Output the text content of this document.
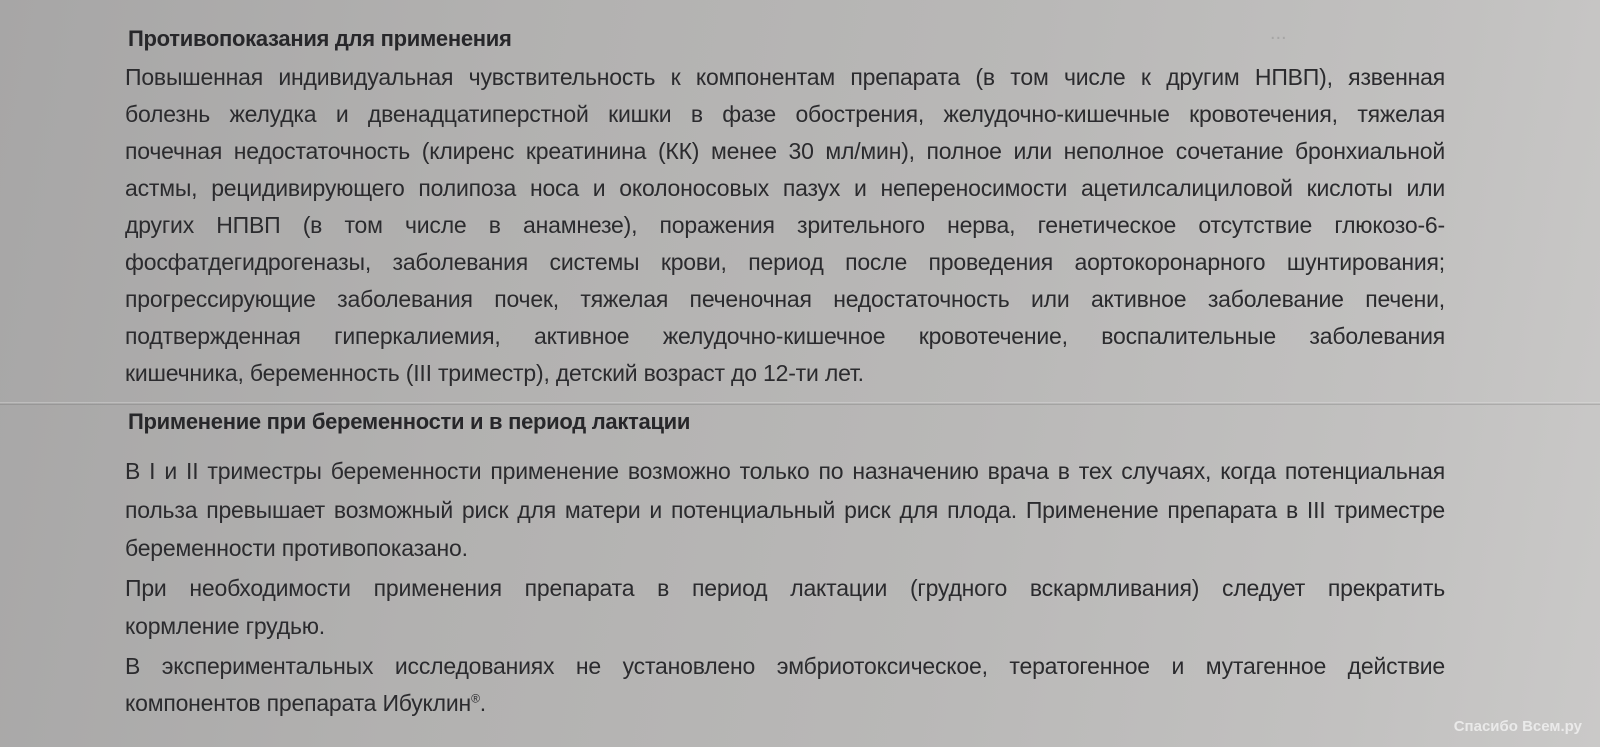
...
Противопоказания для применения
Повышенная индивидуальная чувствительность к компонентам препарата (в том числе к другим НПВП), язвенная
болезнь желудка и двенадцатиперстной кишки в фазе обострения, желудочно-кишечные кровотечения, тяжелая
почечная недостаточность (клиренс креатинина (КК) менее 30 мл/мин), полное или неполное сочетание бронхиальной
астмы, рецидивирующего полипоза носа и околоносовых пазух и непереносимости ацетилсалициловой кислоты или
других НПВП (в том числе в анамнезе), поражения зрительного нерва, генетическое отсутствие глюкозо-6-
фосфатдегидрогеназы, заболевания системы крови, период после проведения аортокоронарного шунтирования;
прогрессирующие заболевания почек, тяжелая печеночная недостаточность или активное заболевание печени,
подтвержденная гиперкалиемия, активное желудочно-кишечное кровотечение, воспалительные заболевания
кишечника, беременность (III триместр), детский возраст до 12-ти лет.
Применение при беременности и в период лактации
В I и II триместры беременности применение возможно только по назначению врача в тех случаях, когда потенциальная
польза превышает возможный риск для матери и потенциальный риск для плода. Применение препарата в III триместре
беременности противопоказано.
При необходимости применения препарата в период лактации (грудного вскармливания) следует прекратить
кормление грудью.
В экспериментальных исследованиях не установлено эмбриотоксическое, тератогенное и мутагенное действие
компонентов препарата Ибуклин®.
Спасибо Всем.ру
